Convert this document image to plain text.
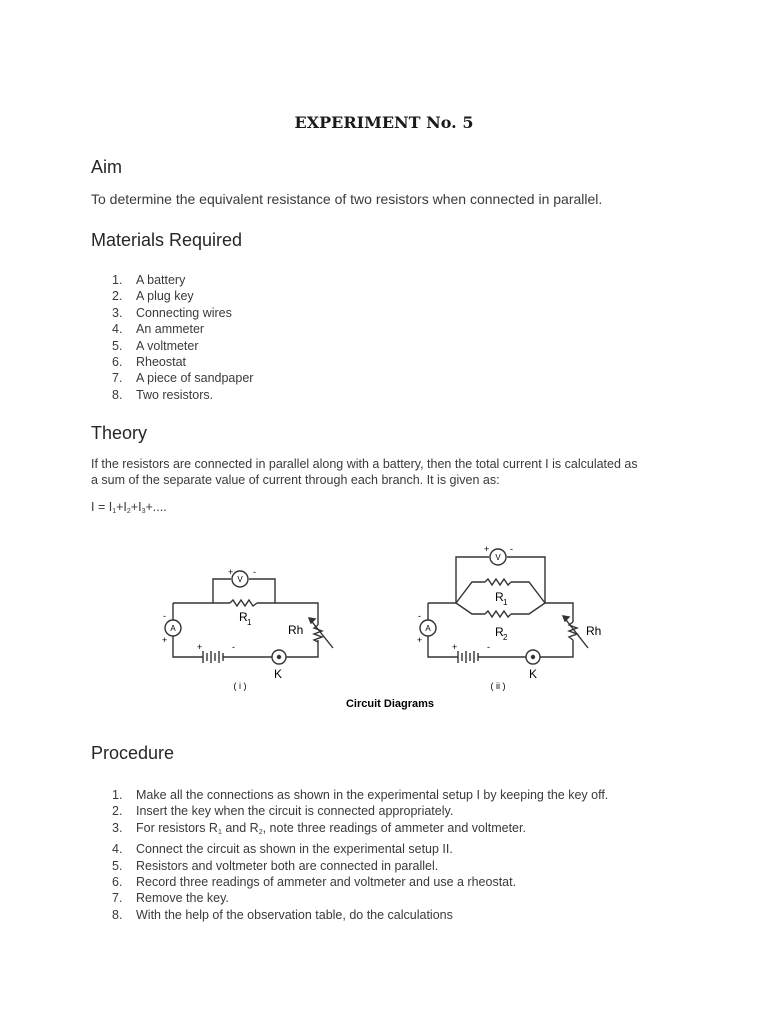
EXPERIMENT No. 5
Aim

To determine the equivalent resistance of two resistors when connected in parallel.

Materials Required
1. A battery
2. A plug key
3. Connecting wires
4. An ammeter
5. A voltmeter
6. Rheostat
7. A piece of sandpaper
8. Two resistors.
Theory

If the resistors are connected in parallel along with a battery, then the total current I is calculated as

a sum of the separate value of current through each branch. It is given as:

$I = I_1+I_2+I_3+$....

V
A
+ -
-
+
+	-
R 1
Rh
K
( i )
V
A
+ -
-
+
+	-
R 1
R 2	Rh
K
( ii )
Circuit Diagrams
Procedure
1. Make all the connections as shown in the experimental setup I by keeping the key off.
2. Insert the key when the circuit is connected appropriately.
3. For resistors $R_1$ and $R_2$, note three readings of ammeter and voltmeter.
4. Connect the circuit as shown in the experimental setup II.
5. Resistors and voltmeter both are connected in parallel.
6. Record three readings of ammeter and voltmeter and use a rheostat.
7. Remove the key.
8. With the help of the observation table, do the calculations
